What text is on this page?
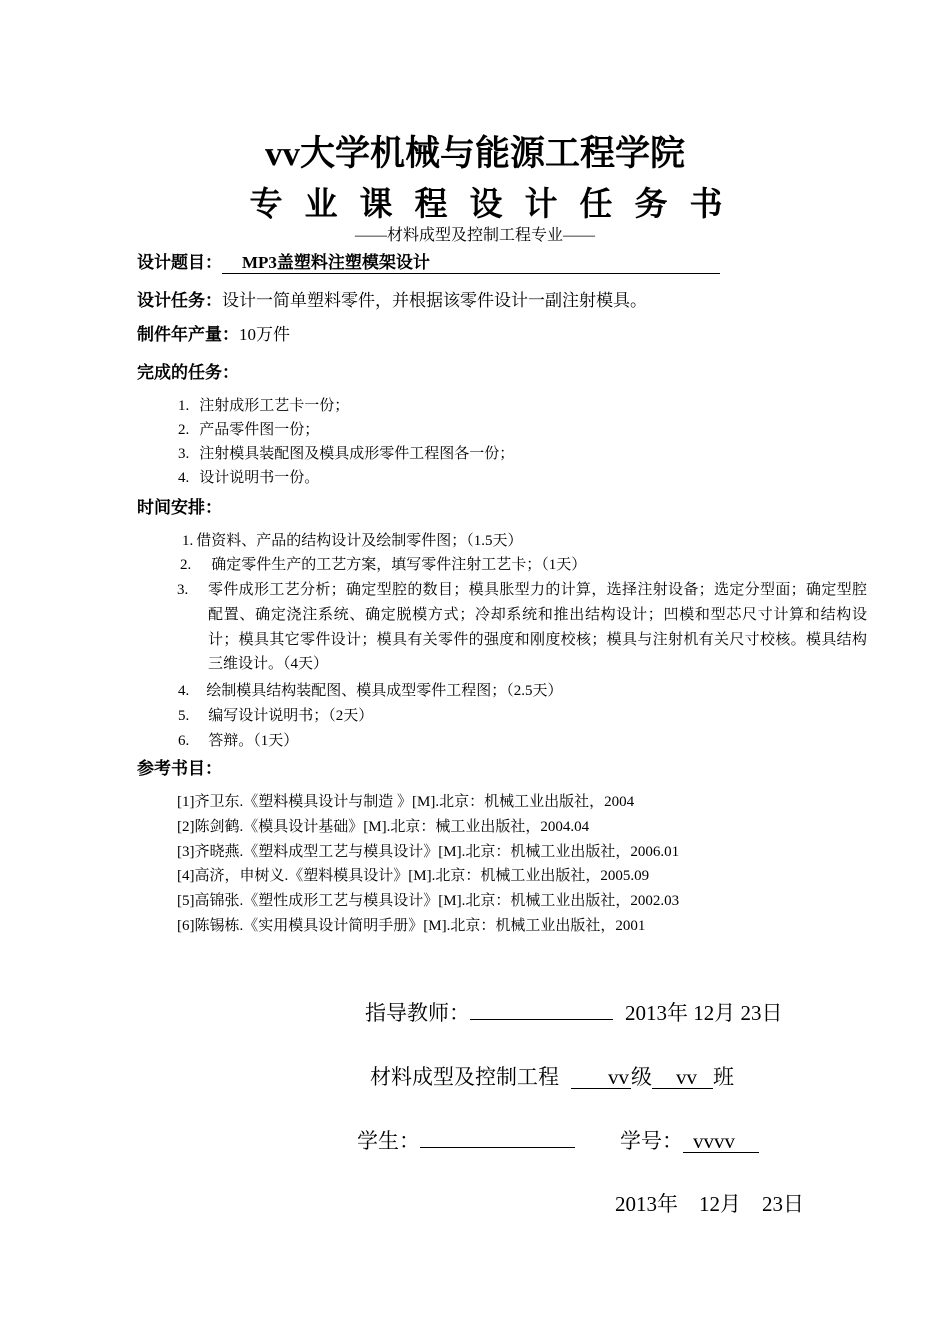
vv大学机械与能源工程学院
专业课程设计任务书
——材料成型及控制工程专业——
设计题目： MP3盖塑料注塑模架设计
设计任务：设计一简单塑料零件，并根据该零件设计一副注射模具。
制件年产量：10万件
完成的任务：
1. 注射成形工艺卡一份；
2. 产品零件图一份；
3. 注射模具装配图及模具成形零件工程图各一份；
4. 设计说明书一份。
时间安排：
1. 借资料、产品的结构设计及绘制零件图；（1.5天）
2. 确定零件生产的工艺方案，填写零件注射工艺卡；（1天）
3. 零件成形工艺分析；确定型腔的数目；模具胀型力的计算，选择注射设备；选定分型面；确定型腔配置、确定浇注系统、确定脱模方式；冷却系统和推出结构设计；凹模和型芯尺寸计算和结构设计；模具其它零件设计；模具有关零件的强度和刚度校核；模具与注射机有关尺寸校核。模具结构三维设计。（4天）
4. 绘制模具结构装配图、模具成型零件工程图；（2.5天）
5. 编写设计说明书；（2天）
6. 答辩。（1天）
参考书目：
[1]齐卫东.《塑料模具设计与制造 》[M].北京：机械工业出版社，2004
[2]陈剑鹤.《模具设计基础》[M].北京：械工业出版社，2004.04
[3]齐晓燕.《塑料成型工艺与模具设计》[M].北京：机械工业出版社，2006.01
[4]高济，申树义.《塑料模具设计》[M].北京：机械工业出版社，2005.09
[5]高锦张.《塑性成形工艺与模具设计》[M].北京：机械工业出版社，2002.03
[6]陈锡栋.《实用模具设计简明手册》[M].北京：机械工业出版社，2001
指导教师：	2013年 12月 23日
材料成型及控制工程 vv级 vv 班
学生：	学号： vvvv
2013年    12月    23日
